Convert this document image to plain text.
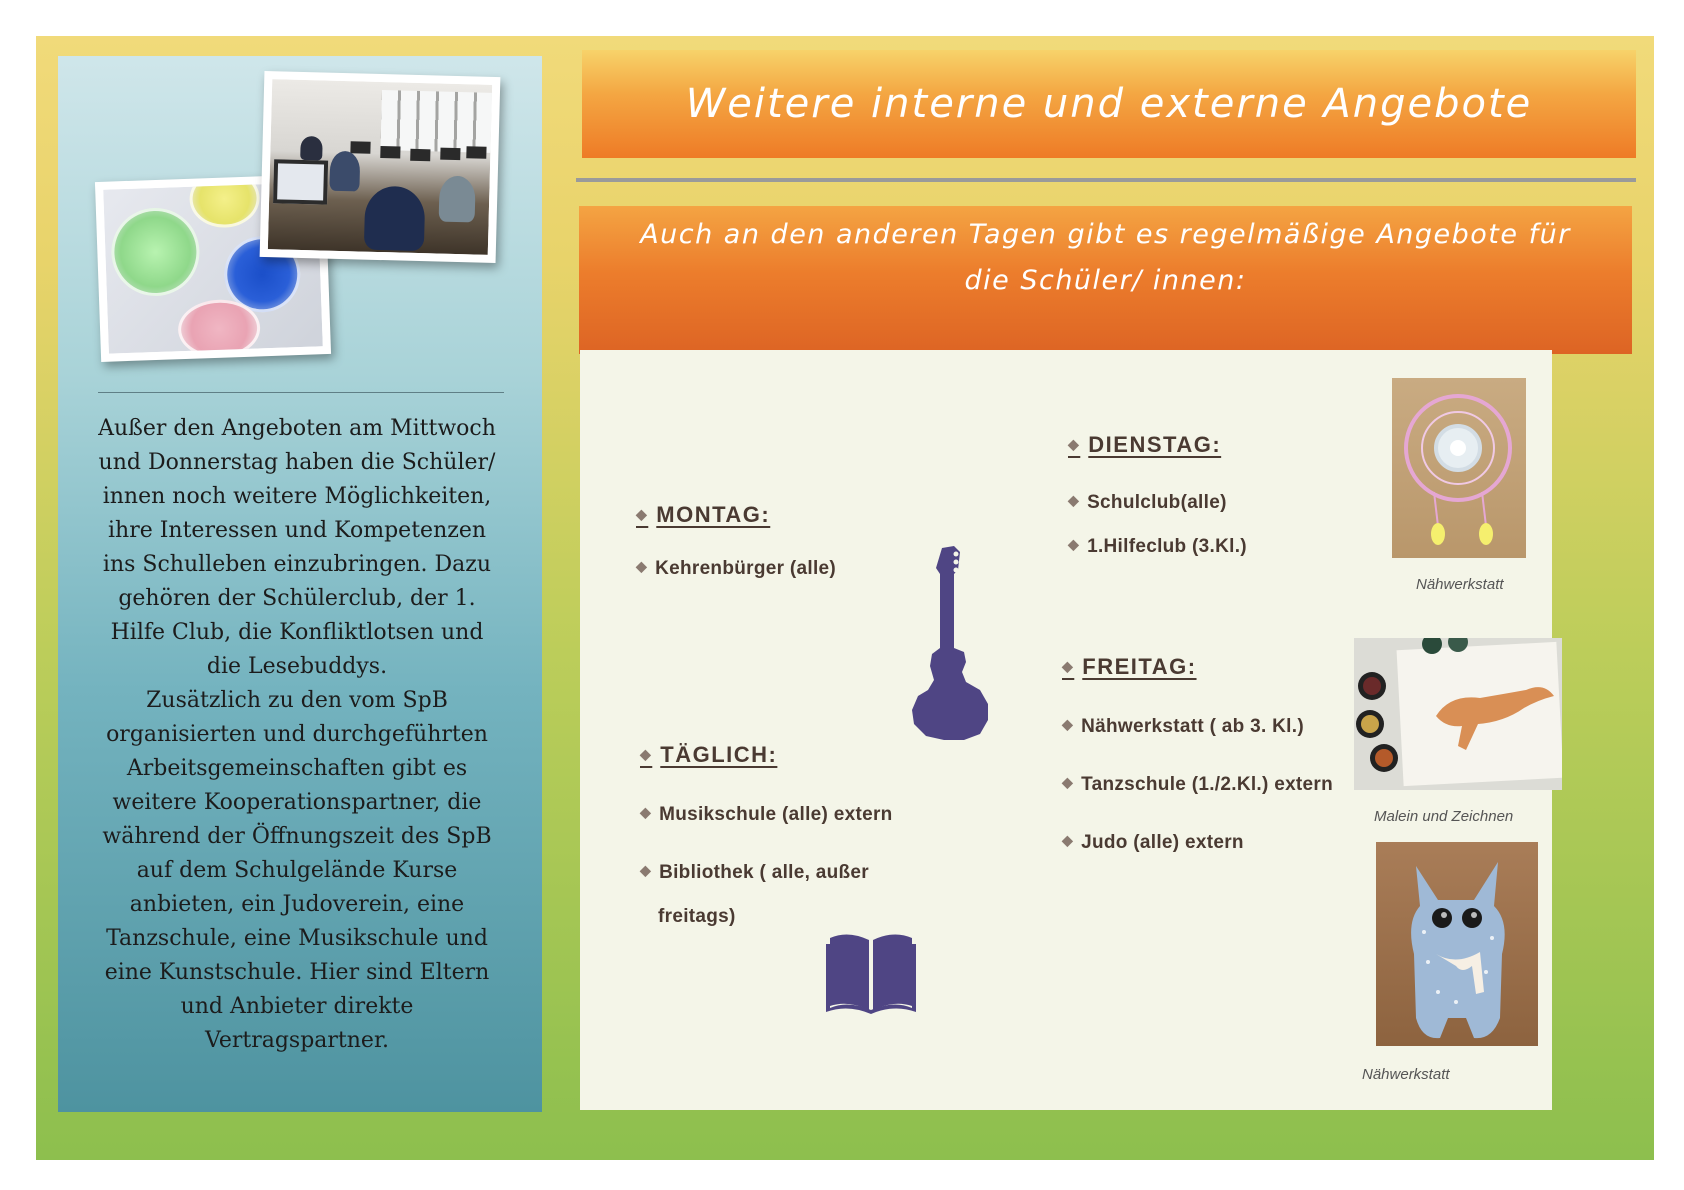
Außer den Angeboten am Mittwoch und Donnerstag haben die Schüler/ innen noch weitere Möglichkeiten, ihre Interessen und Kompetenzen ins Schulleben einzubringen. Dazu gehören der Schülerclub, der 1. Hilfe Club, die Konfliktlotsen und die Lesebuddys.

Zusätzlich zu den vom SpB organisierten und durchgeführten Arbeitsgemeinschaften gibt es weitere Kooperationspartner, die während der Öffnungszeit des SpB auf dem Schulgelände Kurse anbieten, ein Judoverein, eine Tanzschule, eine Musikschule und eine Kunstschule. Hier sind Eltern und Anbieter direkte Vertragspartner.

Weitere interne und externe Angebote
Auch an den anderen Tagen gibt es regelmäßige Angebote für
die Schüler/ innen:
◆ MONTAG:
◆ Kehrenbürger (alle)
◆ DIENSTAG:
◆ Schulclub(alle)
◆ 1.Hilfeclub (3.Kl.)
◆ FREITAG:
◆ Nähwerkstatt ( ab 3. Kl.)
◆ Tanzschule (1./2.Kl.) extern
◆ Judo (alle) extern
◆ TÄGLICH:
◆ Musikschule (alle) extern
◆ Bibliothek ( alle, außer
freitags)
Nähwerkstatt
Malein und Zeichnen
Nähwerkstatt
